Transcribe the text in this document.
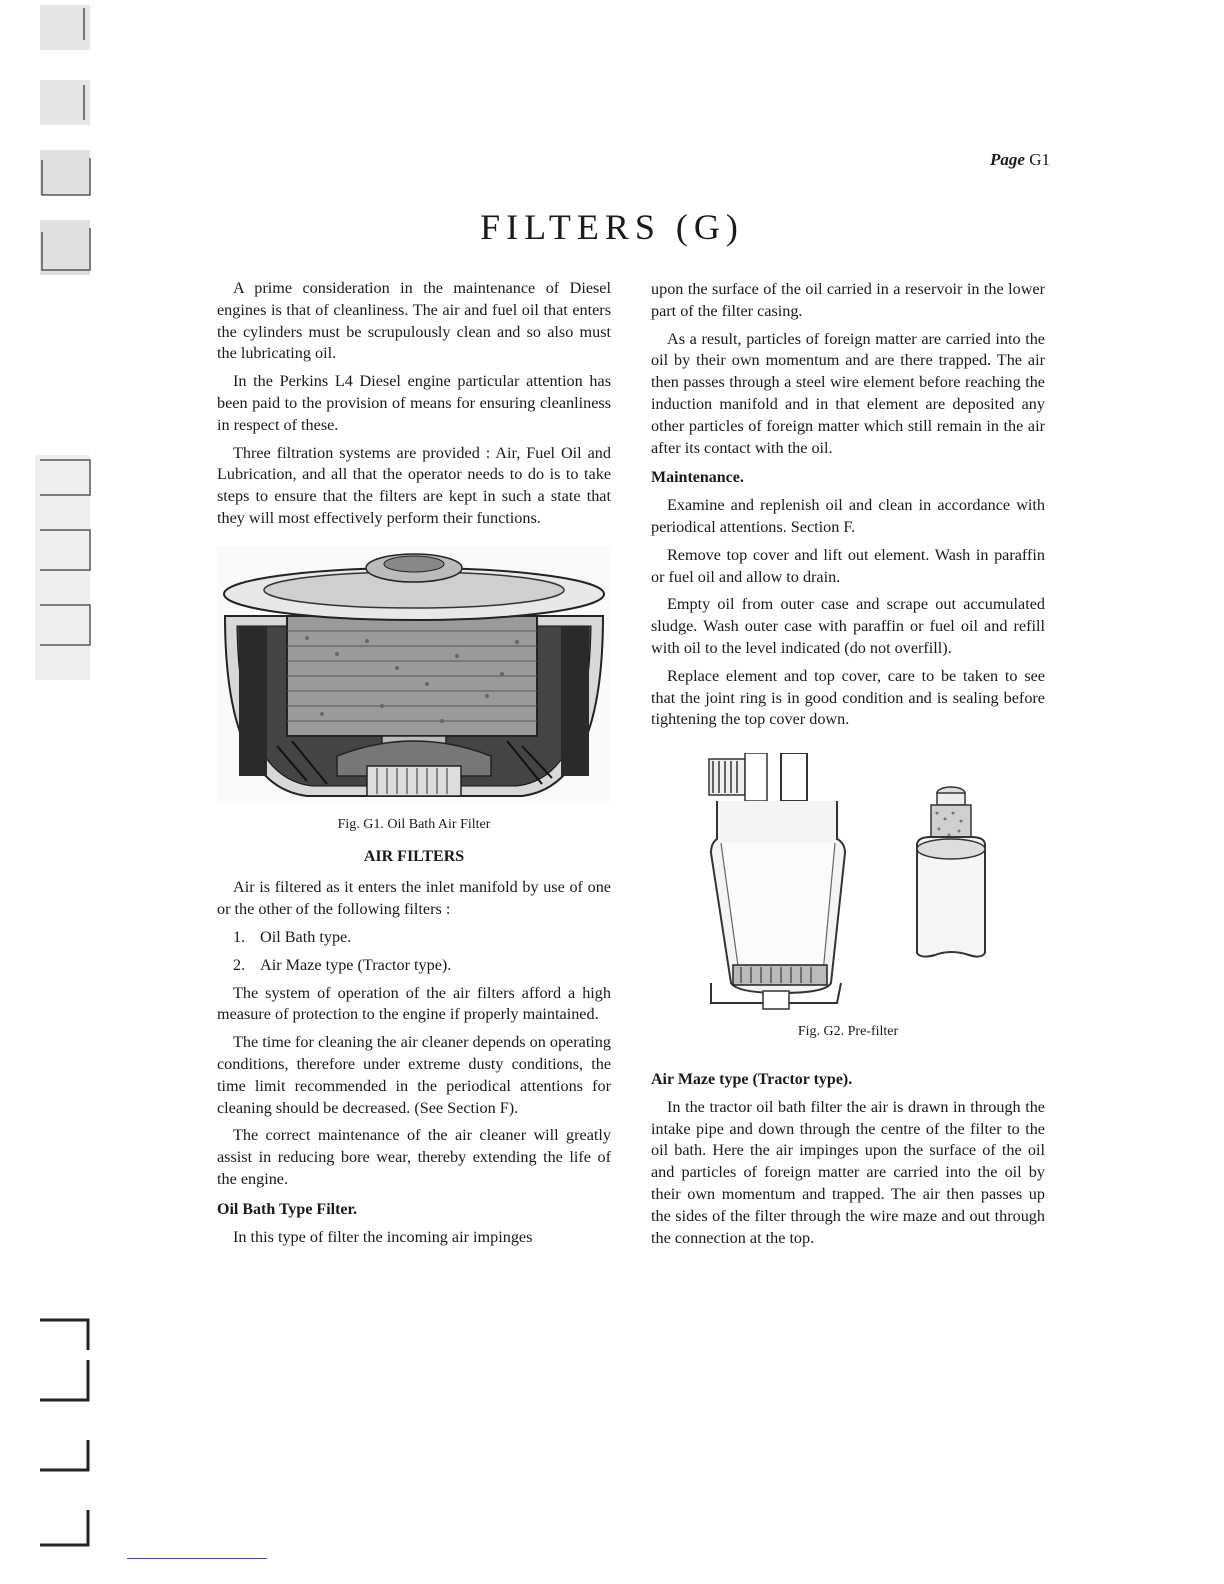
Page G1
FILTERS (G)

A prime consideration in the maintenance of Diesel engines is that of cleanliness. The air and fuel oil that enters the cylinders must be scrupulously clean and so also must the lubricating oil.

In the Perkins L4 Diesel engine particular attention has been paid to the provision of means for ensuring cleanliness in respect of these.

Three filtration systems are provided : Air, Fuel Oil and Lubrication, and all that the operator needs to do is to take steps to ensure that the filters are kept in such a state that they will most effectively perform their functions.

Fig. G1. Oil Bath Air Filter
AIR FILTERS

Air is filtered as it enters the inlet manifold by use of one or the other of the following filters :

1. Oil Bath type.
2. Air Maze type (Tractor type).

The system of operation of the air filters afford a high measure of protection to the engine if properly maintained.

The time for cleaning the air cleaner depends on operating conditions, therefore under extreme dusty conditions, the time limit recommended in the periodical attentions for cleaning should be decreased. (See Section F).

The correct maintenance of the air cleaner will greatly assist in reducing bore wear, thereby extending the life of the engine.

Oil Bath Type Filter.

In this type of filter the incoming air impinges

upon the surface of the oil carried in a reservoir in the lower part of the filter casing.

As a result, particles of foreign matter are carried into the oil by their own momentum and are there trapped. The air then passes through a steel wire element before reaching the induction manifold and in that element are deposited any other particles of foreign matter which still remain in the air after its contact with the oil.

Maintenance.

Examine and replenish oil and clean in accordance with periodical attentions. Section F.

Remove top cover and lift out element. Wash in paraffin or fuel oil and allow to drain.

Empty oil from outer case and scrape out accumulated sludge. Wash outer case with paraffin or fuel oil and refill with oil to the level indicated (do not overfill).

Replace element and top cover, care to be taken to see that the joint ring is in good condition and is sealing before tightening the top cover down.

Fig. G2. Pre-filter
Air Maze type (Tractor type).

In the tractor oil bath filter the air is drawn in through the intake pipe and down through the centre of the filter to the oil bath. Here the air impinges upon the surface of the oil and particles of foreign matter are carried into the oil by their own momentum and trapped. The air then passes up the sides of the filter through the wire maze and out through the connection at the top.
